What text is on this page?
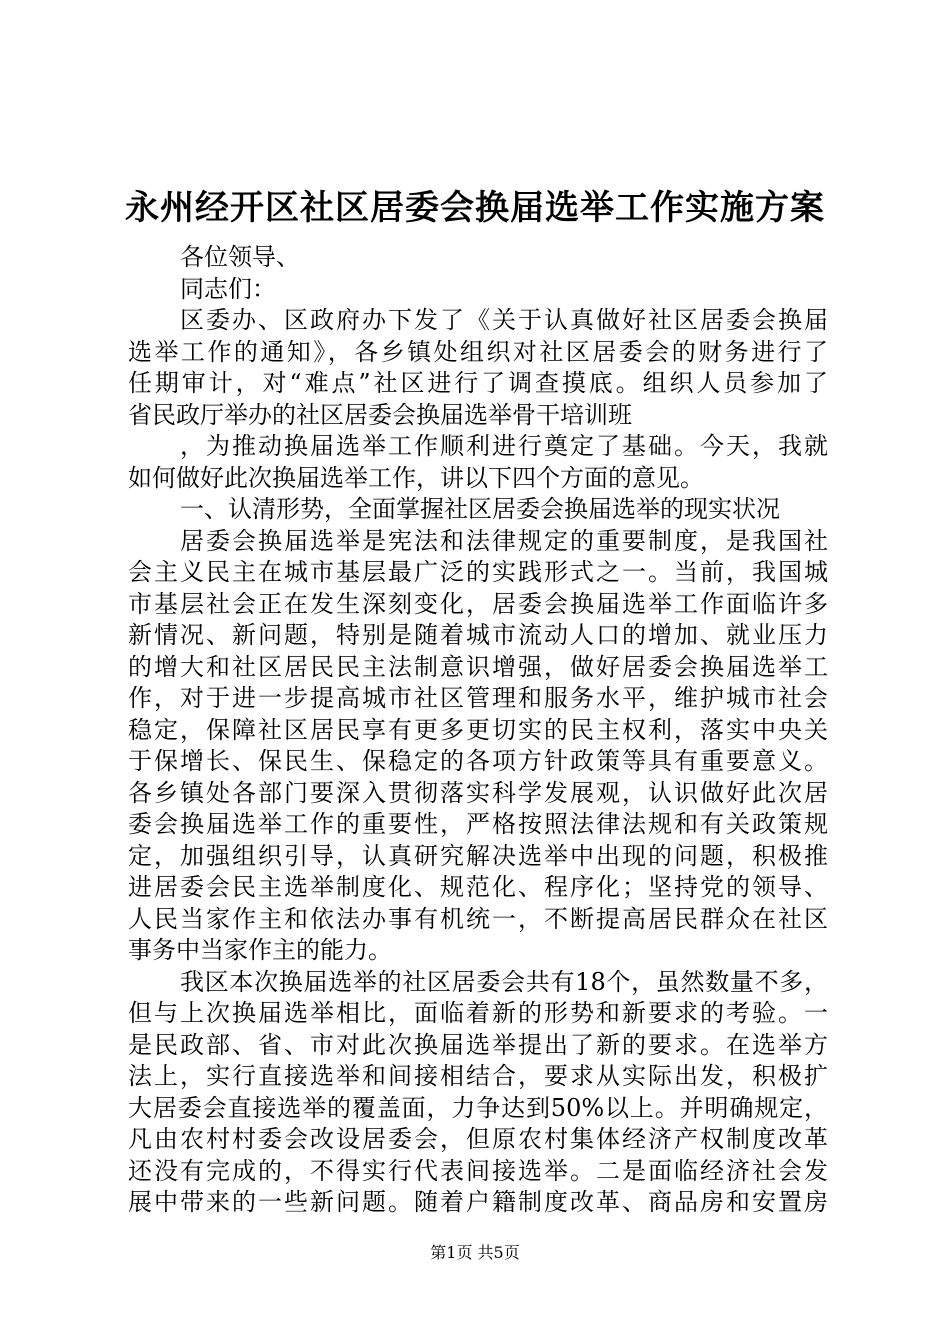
永州经开区社区居委会换届选举工作实施方案
各位领导、
同志们：
区委办、区政府办下发了《关于认真做好社区居委会换届
选举工作的通知》，各乡镇处组织对社区居委会的财务进行了
任期审计，对“难点”社区进行了调查摸底。组织人员参加了
省民政厅举办的社区居委会换届选举骨干培训班
，为推动换届选举工作顺利进行奠定了基础。今天，我就
如何做好此次换届选举工作，讲以下四个方面的意见。
一、认清形势，全面掌握社区居委会换届选举的现实状况
居委会换届选举是宪法和法律规定的重要制度，是我国社
会主义民主在城市基层最广泛的实践形式之一。当前，我国城
市基层社会正在发生深刻变化，居委会换届选举工作面临许多
新情况、新问题，特别是随着城市流动人口的增加、就业压力
的增大和社区居民民主法制意识增强，做好居委会换届选举工
作，对于进一步提高城市社区管理和服务水平，维护城市社会
稳定，保障社区居民享有更多更切实的民主权利，落实中央关
于保增长、保民生、保稳定的各项方针政策等具有重要意义。
各乡镇处各部门要深入贯彻落实科学发展观，认识做好此次居
委会换届选举工作的重要性，严格按照法律法规和有关政策规
定，加强组织引导，认真研究解决选举中出现的问题，积极推
进居委会民主选举制度化、规范化、程序化；坚持党的领导、
人民当家作主和依法办事有机统一，不断提高居民群众在社区
事务中当家作主的能力。
我区本次换届选举的社区居委会共有18个，虽然数量不多，
但与上次换届选举相比，面临着新的形势和新要求的考验。一
是民政部、省、市对此次换届选举提出了新的要求。在选举方
法上，实行直接选举和间接相结合，要求从实际出发，积极扩
大居委会直接选举的覆盖面，力争达到50%以上。并明确规定，
凡由农村村委会改设居委会，但原农村集体经济产权制度改革
还没有完成的，不得实行代表间接选举。二是面临经济社会发
展中带来的一些新问题。随着户籍制度改革、商品房和安置房
第1页 共5页
